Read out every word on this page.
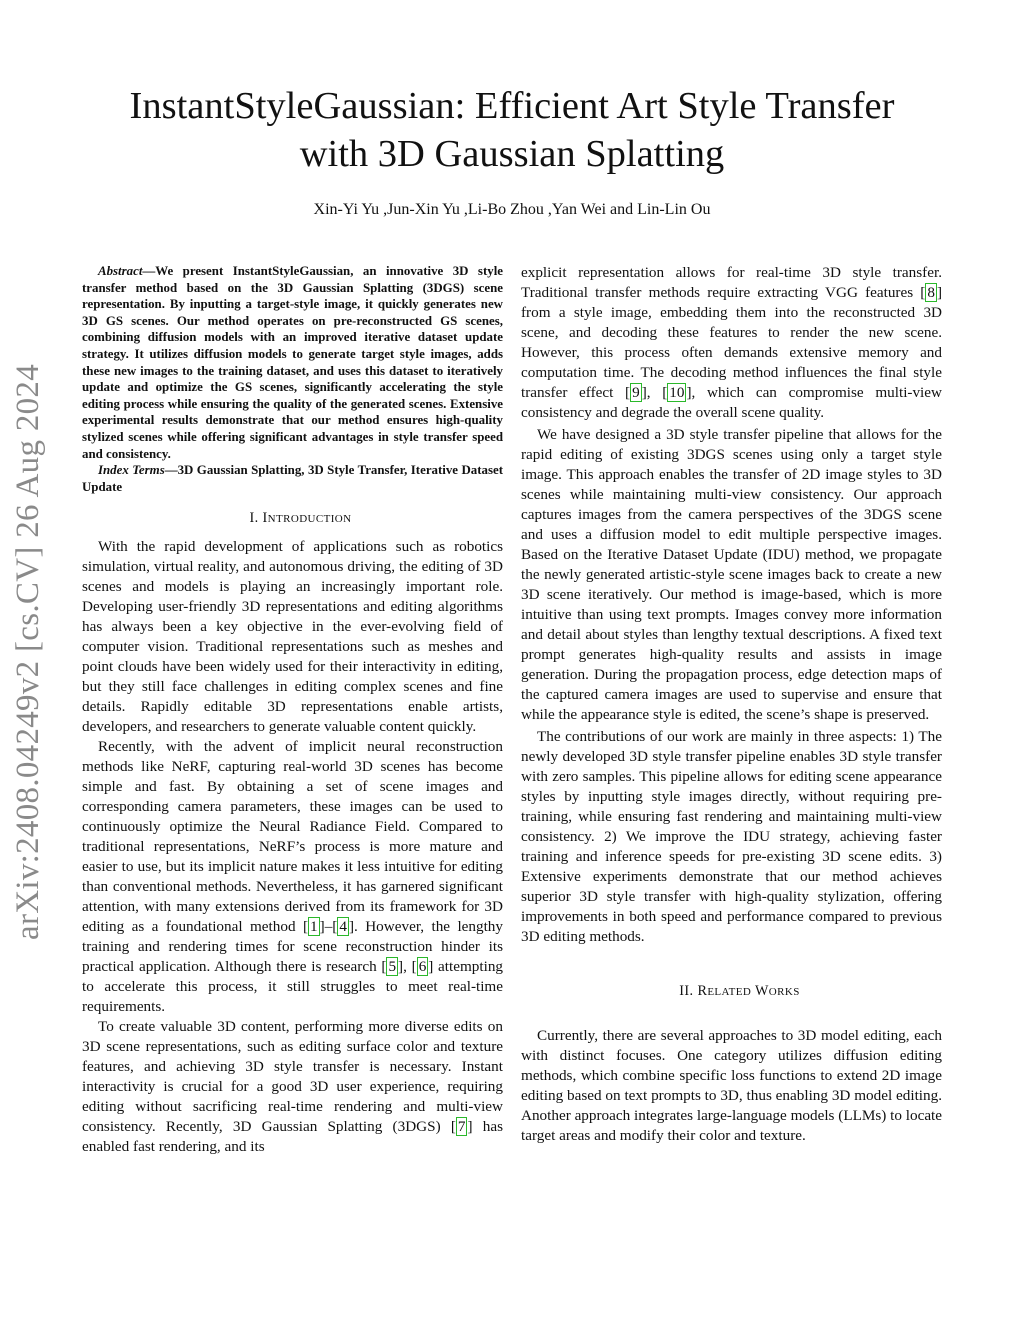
arXiv:2408.04249v2 [cs.CV] 26 Aug 2024
InstantStyleGaussian: Efficient Art Style Transfer
with 3D Gaussian Splatting

Xin-Yi Yu ,Jun-Xin Yu ,Li-Bo Zhou ,Yan Wei and Lin-Lin Ou

Abstract—We present InstantStyleGaussian, an innovative 3D style transfer method based on the 3D Gaussian Splatting (3DGS) scene representation. By inputting a target-style image, it quickly generates new 3D GS scenes. Our method operates on pre-reconstructed GS scenes, combining diffusion models with an improved iterative dataset update strategy. It utilizes diffusion models to generate target style images, adds these new images to the training dataset, and uses this dataset to iteratively update and optimize the GS scenes, significantly accelerating the style editing process while ensuring the quality of the generated scenes. Extensive experimental results demonstrate that our method ensures high-quality stylized scenes while offering significant advantages in style transfer speed and consistency.

Index Terms—3D Gaussian Splatting, 3D Style Transfer, Iterative Dataset Update

I. INTRODUCTION

With the rapid development of applications such as robotics simulation, virtual reality, and autonomous driving, the editing of 3D scenes and models is playing an increasingly important role. Developing user-friendly 3D representations and editing algorithms has always been a key objective in the ever-evolving field of computer vision. Traditional representations such as meshes and point clouds have been widely used for their interactivity in editing, but they still face challenges in editing complex scenes and fine details. Rapidly editable 3D representations enable artists, developers, and researchers to generate valuable content quickly.

Recently, with the advent of implicit neural reconstruction methods like NeRF, capturing real-world 3D scenes has become simple and fast. By obtaining a set of scene images and corresponding camera parameters, these images can be used to continuously optimize the Neural Radiance Field. Compared to traditional representations, NeRF’s process is more mature and easier to use, but its implicit nature makes it less intuitive for editing than conventional methods. Nevertheless, it has garnered significant attention, with many extensions derived from its framework for 3D editing as a foundational method [ 1 ]–[ 4 ]. However, the lengthy training and rendering times for scene reconstruction hinder its practical application. Although there is research [ 5 ], [ 6 ] attempting to accelerate this process, it still struggles to meet real-time requirements.

To create valuable 3D content, performing more diverse edits on 3D scene representations, such as editing surface color and texture features, and achieving 3D style transfer is necessary. Instant interactivity is crucial for a good 3D user experience, requiring editing without sacrificing real-time rendering and multi-view consistency. Recently, 3D Gaussian Splatting (3DGS) [ 7 ] has enabled fast rendering, and its

explicit representation allows for real-time 3D style transfer. Traditional transfer methods require extracting VGG features [ 8 ] from a style image, embedding them into the reconstructed 3D scene, and decoding these features to render the new scene. However, this process often demands extensive memory and computation time. The decoding method influences the final style transfer effect [ 9 ], [ 10 ], which can compromise multi-view consistency and degrade the overall scene quality.

We have designed a 3D style transfer pipeline that allows for the rapid editing of existing 3DGS scenes using only a target style image. This approach enables the transfer of 2D image styles to 3D scenes while maintaining multi-view consistency. Our approach captures images from the camera perspectives of the 3DGS scene and uses a diffusion model to edit multiple perspective images. Based on the Iterative Dataset Update (IDU) method, we propagate the newly generated artistic-style scene images back to create a new 3D scene iteratively. Our method is image-based, which is more intuitive than using text prompts. Images convey more information and detail about styles than lengthy textual descriptions. A fixed text prompt generates high-quality results and assists in image generation. During the propagation process, edge detection maps of the captured camera images are used to supervise and ensure that while the appearance style is edited, the scene’s shape is preserved.

The contributions of our work are mainly in three aspects: 1) The newly developed 3D style transfer pipeline enables 3D style transfer with zero samples. This pipeline allows for editing scene appearance styles by inputting style images directly, without requiring pre-training, while ensuring fast rendering and maintaining multi-view consistency. 2) We improve the IDU strategy, achieving faster training and inference speeds for pre-existing 3D scene edits. 3) Extensive experiments demonstrate that our method achieves superior 3D style transfer with high-quality stylization, offering improvements in both speed and performance compared to previous 3D editing methods.

II. RELATED WORKS

Currently, there are several approaches to 3D model editing, each with distinct focuses. One category utilizes diffusion editing methods, which combine specific loss functions to extend 2D image editing based on text prompts to 3D, thus enabling 3D model editing. Another approach integrates large-language models (LLMs) to locate target areas and modify their color and texture.
